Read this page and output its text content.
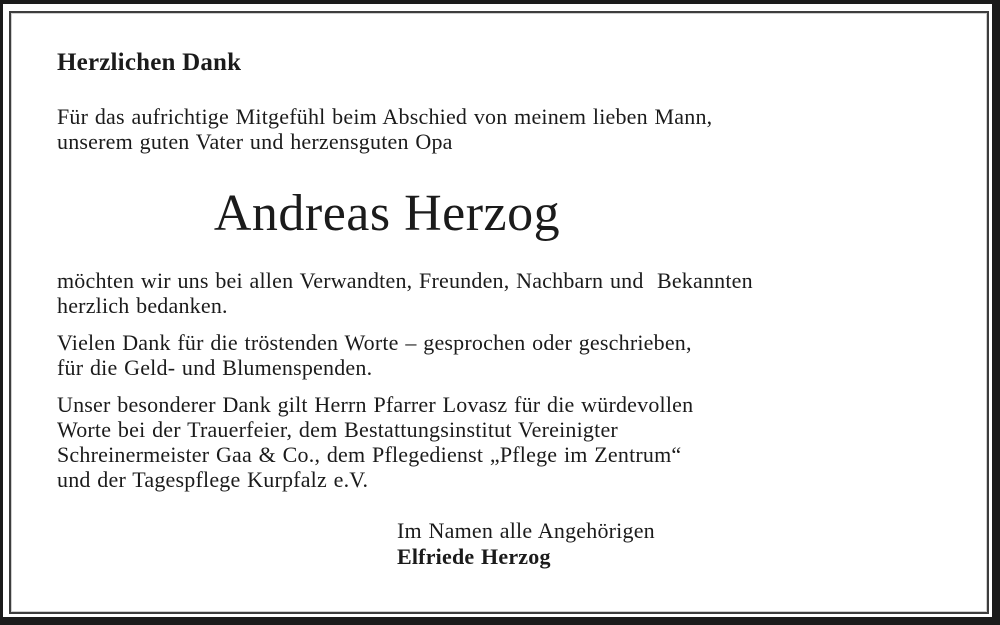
Herzlichen Dank
Für das aufrichtige Mitgefühl beim Abschied von meinem lieben Mann,
unserem guten Vater und herzensguten Opa
Andreas Herzog
möchten wir uns bei allen Verwandten, Freunden, Nachbarn und  Bekannten
herzlich bedanken.
Vielen Dank für die tröstenden Worte – gesprochen oder geschrieben,
für die Geld- und Blumenspenden.
Unser besonderer Dank gilt Herrn Pfarrer Lovasz für die würdevollen
Worte bei der Trauerfeier, dem Bestattungsinstitut Vereinigter
Schreinermeister Gaa & Co., dem Pflegedienst „Pflege im Zentrum“
und der Tagespflege Kurpfalz e.V.
Im Namen alle Angehörigen
Elfriede Herzog
